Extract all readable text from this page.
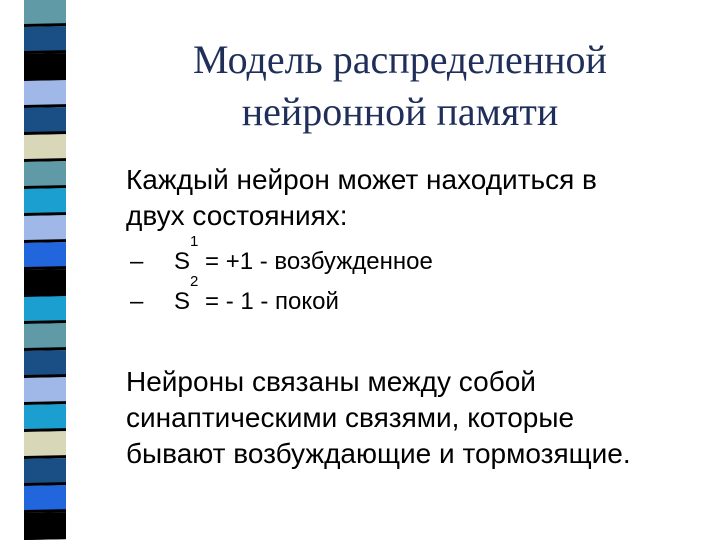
Модель распределенной
нейронной памяти
Каждый нейрон может находиться в
двух состояниях:
–	S
1

= +1 - возбужденное
–	S
2

= - 1 - покой
Нейроны связаны между собой
синаптическими связями, которые
бывают возбуждающие и тормозящие.
